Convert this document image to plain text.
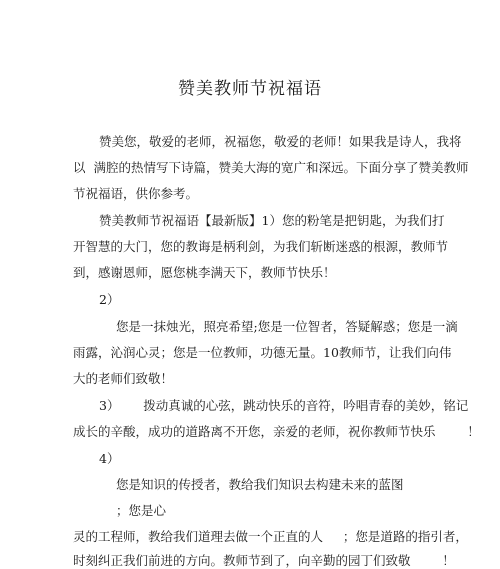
赞美教师节祝福语
赞美您，敬爱的老师，祝福您，敬爱的老师！如果我是诗人，我将
以  满腔的热情写下诗篇，赞美大海的宽广和深远。下面分享了赞美教师
节祝福语，供你参考。
赞美教师节祝福语【最新版】1）您的粉笔是把钥匙，为我们打
开智慧的大门，您的教诲是柄利剑，为我们斩断迷惑的根源，教师节
到，感谢恩师，愿您桃李满天下，教师节快乐！
2）
您是一抹烛光，照亮希望;您是一位智者，答疑解惑；您是一滴
雨露，沁润心灵；您是一位教师，功德无量。10教师节，让我们向伟
大的老师们致敬！
3）      拨动真诚的心弦，跳动快乐的音符，吟唱青春的美妙，铭记
成长的辛酸，成功的道路离不开您，亲爱的老师，祝你教师节快乐        ！
4）
您是知识的传授者，教给我们知识去构建未来的蓝图
；您是心
灵的工程师，教给我们道理去做一个正直的人     ；您是道路的指引者，
时刻纠正我们前进的方向。教师节到了，向辛勤的园丁们致敬        ！
